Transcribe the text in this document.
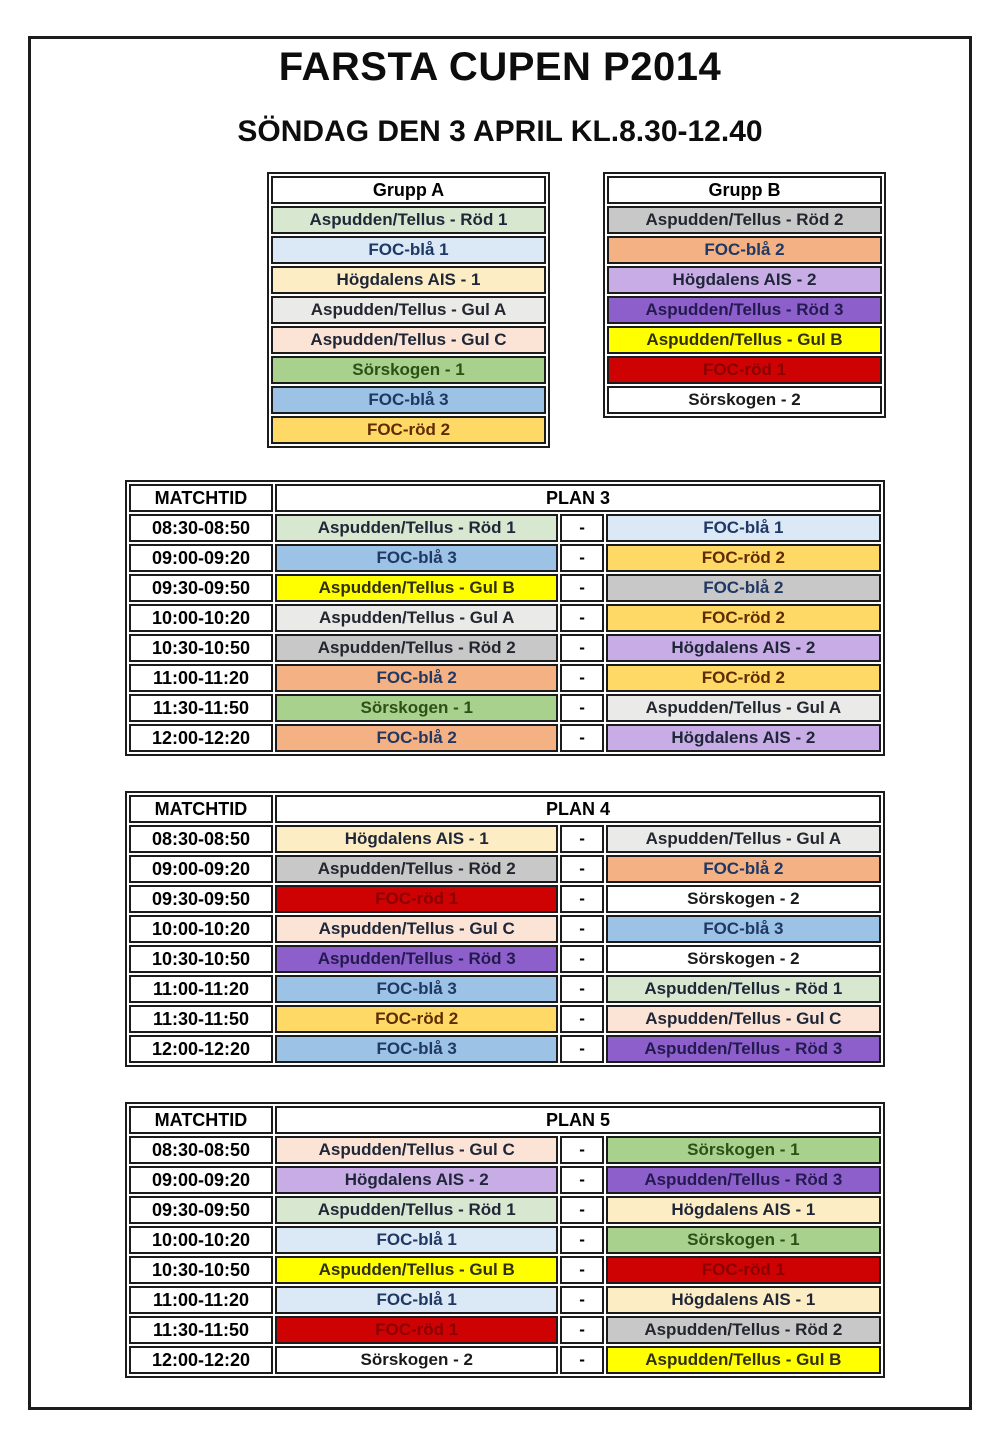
FARSTA CUPEN P2014
SÖNDAG DEN 3 APRIL KL.8.30-12.40
Grupp A
Aspudden/Tellus - Röd 1
FOC-blå 1
Högdalens AIS - 1
Aspudden/Tellus - Gul A
Aspudden/Tellus - Gul C
Sörskogen - 1
FOC-blå 3
FOC-röd 2
Grupp B
Aspudden/Tellus - Röd 2
FOC-blå 2
Högdalens AIS - 2
Aspudden/Tellus - Röd 3
Aspudden/Tellus - Gul B
FOC-röd 1
Sörskogen - 2
MATCHTID	PLAN 3		
08:30-08:50	Aspudden/Tellus - Röd 1	-	FOC-blå 1
09:00-09:20	FOC-blå 3	-	FOC-röd 2
09:30-09:50	Aspudden/Tellus - Gul B	-	FOC-blå 2
10:00-10:20	Aspudden/Tellus - Gul A	-	FOC-röd 2
10:30-10:50	Aspudden/Tellus - Röd 2	-	Högdalens AIS - 2
11:00-11:20	FOC-blå 2	-	FOC-röd 2
11:30-11:50	Sörskogen - 1	-	Aspudden/Tellus - Gul A
12:00-12:20	FOC-blå 2	-	Högdalens AIS - 2
MATCHTID	PLAN 4		
08:30-08:50	Högdalens AIS - 1	-	Aspudden/Tellus - Gul A
09:00-09:20	Aspudden/Tellus - Röd 2	-	FOC-blå 2
09:30-09:50	FOC-röd 1	-	Sörskogen - 2
10:00-10:20	Aspudden/Tellus - Gul C	-	FOC-blå 3
10:30-10:50	Aspudden/Tellus - Röd 3	-	Sörskogen - 2
11:00-11:20	FOC-blå 3	-	Aspudden/Tellus - Röd 1
11:30-11:50	FOC-röd 2	-	Aspudden/Tellus - Gul C
12:00-12:20	FOC-blå 3	-	Aspudden/Tellus - Röd 3
MATCHTID	PLAN 5		
08:30-08:50	Aspudden/Tellus - Gul C	-	Sörskogen - 1
09:00-09:20	Högdalens AIS - 2	-	Aspudden/Tellus - Röd 3
09:30-09:50	Aspudden/Tellus - Röd 1	-	Högdalens AIS - 1
10:00-10:20	FOC-blå 1	-	Sörskogen - 1
10:30-10:50	Aspudden/Tellus - Gul B	-	FOC-röd 1
11:00-11:20	FOC-blå 1	-	Högdalens AIS - 1
11:30-11:50	FOC-röd 1	-	Aspudden/Tellus - Röd 2
12:00-12:20	Sörskogen - 2	-	Aspudden/Tellus - Gul B
